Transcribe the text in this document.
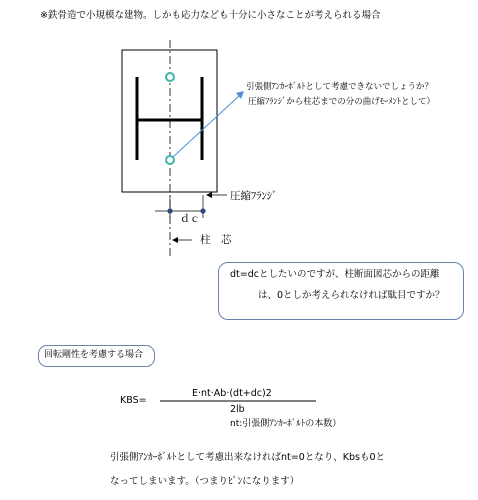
※鉄骨造で小規模な建物。しかも応力なども十分に小さなことが考えられる場合
引張側ｱﾝｶｰﾎﾞﾙﾄとして考慮できないでしょうか？
圧縮ﾌﾗﾝｼﾞから柱芯までの分の曲げﾓｰﾒﾝﾄとして）
圧縮ﾌﾗﾝｼﾞ
ｄｃ
柱　芯
dt=dcとしたいのですが、柱断面図芯からの距離
は、0としか考えられなければ駄目ですか？
回転剛性を考慮する場合
KBS=
E·nt·Ab·(dt+dc)2
2lb
nt:引張側ｱﾝｶｰﾎﾞﾙﾄの本数）
引張側ｱﾝｶｰﾎﾞﾙﾄとして考慮出来なければnt=0となり、Kbsも0と
なってしまいます。（つまりﾋﾟﾝになります）
